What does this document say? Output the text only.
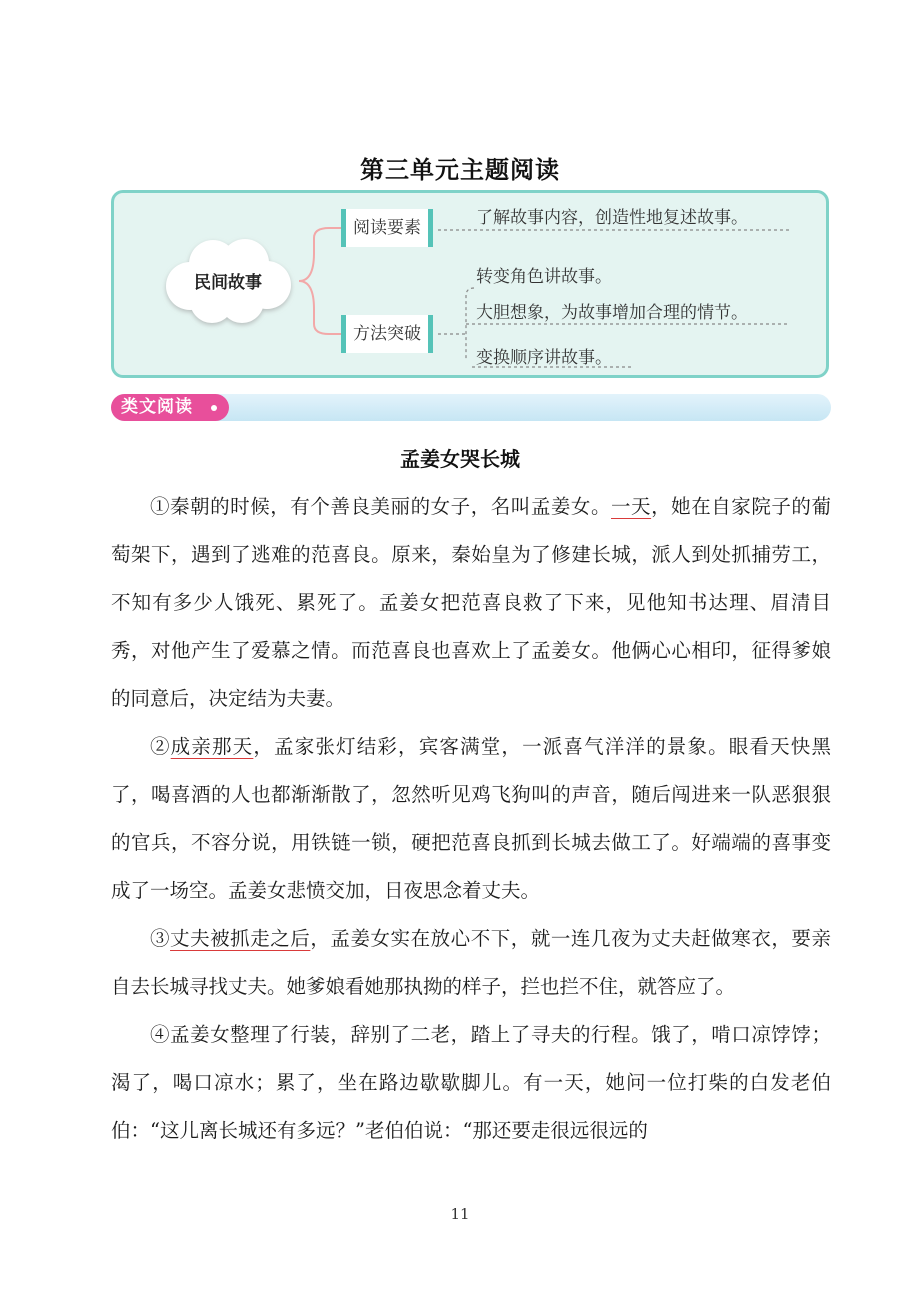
第三单元主题阅读
民间故事
阅读要素
方法突破
了解故事内容，创造性地复述故事。
转变角色讲故事。
大胆想象，为故事增加合理的情节。
变换顺序讲故事。
类文阅读
孟姜女哭长城

①秦朝的时候，有个善良美丽的女子，名叫孟姜女。一天，她在自家院子的葡萄架下，遇到了逃难的范喜良。原来，秦始皇为了修建长城，派人到处抓捕劳工，不知有多少人饿死、累死了。孟姜女把范喜良救了下来，见他知书达理、眉清目秀，对他产生了爱慕之情。而范喜良也喜欢上了孟姜女。他俩心心相印，征得爹娘的同意后，决定结为夫妻。

②成亲那天，孟家张灯结彩，宾客满堂，一派喜气洋洋的景象。眼看天快黑了，喝喜酒的人也都渐渐散了，忽然听见鸡飞狗叫的声音，随后闯进来一队恶狠狠的官兵，不容分说，用铁链一锁，硬把范喜良抓到长城去做工了。好端端的喜事变成了一场空。孟姜女悲愤交加，日夜思念着丈夫。

③丈夫被抓走之后，孟姜女实在放心不下，就一连几夜为丈夫赶做寒衣，要亲自去长城寻找丈夫。她爹娘看她那执拗的样子，拦也拦不住，就答应了。

④孟姜女整理了行装，辞别了二老，踏上了寻夫的行程。饿了，啃口凉饽饽；渴了，喝口凉水；累了，坐在路边歇歇脚儿。有一天，她问一位打柴的白发老伯伯：“这儿离长城还有多远？”老伯伯说：“那还要走很远很远的

11
